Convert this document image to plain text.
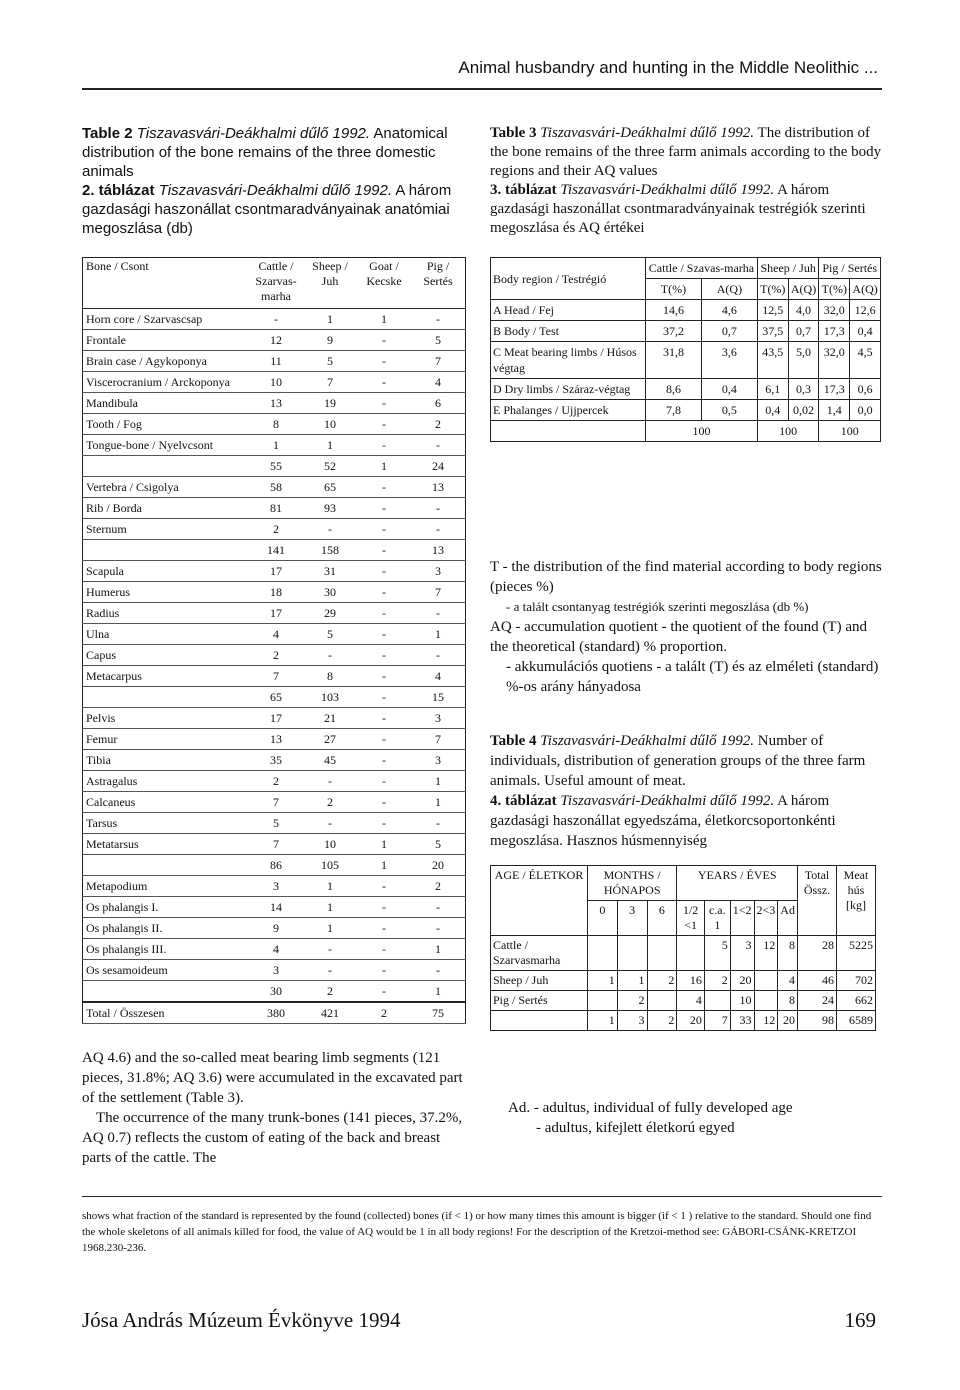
Animal husbandry and hunting in the Middle Neolithic ...
Table 2 Tiszavasvári-Deákhalmi dűlő 1992. Anatomical distribution of the bone remains of the three domestic animals
2. táblázat Tiszavasvári-Deákhalmi dűlő 1992. A három gazdasági haszonállat csontmaradványainak anatómiai megoszlása (db)
Bone / Csont	Cattle / Szarvas-marha	Sheep / Juh	Goat / Kecske	Pig / Sertés
Horn core / Szarvascsap	-	1	1	-
Frontale	12	9	-	5
Brain case / Agykoponya	11	5	-	7
Viscerocranium / Arckoponya	10	7	-	4
Mandibula	13	19	-	6
Tooth / Fog	8	10	-	2
Tongue-bone / Nyelvcsont	1	1	-	-
	55	52	1	24
Vertebra / Csigolya	58	65	-	13
Rib / Borda	81	93	-	-
Sternum	2	-	-	-
	141	158	-	13
Scapula	17	31	-	3
Humerus	18	30	-	7
Radius	17	29	-	-
Ulna	4	5	-	1
Capus	2	-	-	-
Metacarpus	7	8	-	4
	65	103	-	15
Pelvis	17	21	-	3
Femur	13	27	-	7
Tibia	35	45	-	3
Astragalus	2	-	-	1
Calcaneus	7	2	-	1
Tarsus	5	-	-	-
Metatarsus	7	10	1	5
	86	105	1	20
Metapodium	3	1	-	2
Os phalangis I.	14	1	-	-
Os phalangis II.	9	1	-	-
Os phalangis III.	4	-	-	1
Os sesamoideum	3	-	-	-
	30	2	-	1
Total / Összesen	380	421	2	75
AQ 4.6) and the so-called meat bearing limb segments (121 pieces, 31.8%; AQ 3.6) were accumulated in the excavated part of the settlement (Table 3).
The occurrence of the many trunk-bones (141 pieces, 37.2%, AQ 0.7) reflects the custom of eating of the back and breast parts of the cattle. The
Table 3 Tiszavasvári-Deákhalmi dűlő 1992. The distribution of the bone remains of the three farm animals according to the body regions and their AQ values
3. táblázat Tiszavasvári-Deákhalmi dűlő 1992. A három gazdasági haszonállat csontmaradványainak testrégiók szerinti megoszlása és AQ értékei
Body region / Testrégió	Cattle / Szavas-marha		Sheep / Juh		Pig / Sertés	
	T(%)	A(Q)	T(%)	A(Q)	T(%)	A(Q)
A Head / Fej	14,6	4,6	12,5	4,0	32,0	12,6
B Body / Test	37,2	0,7	37,5	0,7	17,3	0,4
C Meat bearing limbs / Húsos végtag	31,8	3,6	43,5	5,0	32,0	4,5
D Dry limbs / Száraz-végtag	8,6	0,4	6,1	0,3	17,3	0,6
E Phalanges / Ujjpercek	7,8	0,5	0,4	0,02	1,4	0,0
	100		100		100	
T - the distribution of the find material according to body regions (pieces %)
- a talált csontanyag testrégiók szerinti megoszlása (db %)
AQ - accumulation quotient - the quotient of the found (T) and the theoretical (standard) % proportion.
- akkumulációs quotiens - a talált (T) és az elméleti (standard) %-os arány hányadosa
Table 4 Tiszavasvári-Deákhalmi dűlő 1992. Number of individuals, distribution of generation groups of the three farm animals. Useful amount of meat.
4. táblázat Tiszavasvári-Deákhalmi dűlő 1992. A három gazdasági haszonállat egyedszáma, életkorcsoportonkénti megoszlása. Hasznos húsmennyiség
AGE / ÉLETKOR	MONTHS / HÓNAPOS			YEARS / ÉVES					Total Össz.	Meat hús [kg]
	0	3	6	1/2 <1	c.a. 1	1<2	2<3	Ad		
Cattle / Szarvasmarha					5	3	12	8	28	5225
Sheep / Juh	1	1	2	16	2	20		4	46	702
Pig / Sertés		2		4		10		8	24	662
	1	3	2	20	7	33	12	20	98	6589
Ad. - adultus, individual of fully developed age
- adultus, kifejlett életkorú egyed
shows what fraction of the standard is represented by the found (collected) bones (if < 1) or how many times this amount is bigger (if < 1 ) relative to the standard. Should one find the whole skeletons of all animals killed for food, the value of AQ would be 1 in all body regions! For the description of the Kretzoi-method see: GÁBORI-CSÁNK-KRETZOI 1968.230-236.
Jósa András Múzeum Évkönyve 1994	169
